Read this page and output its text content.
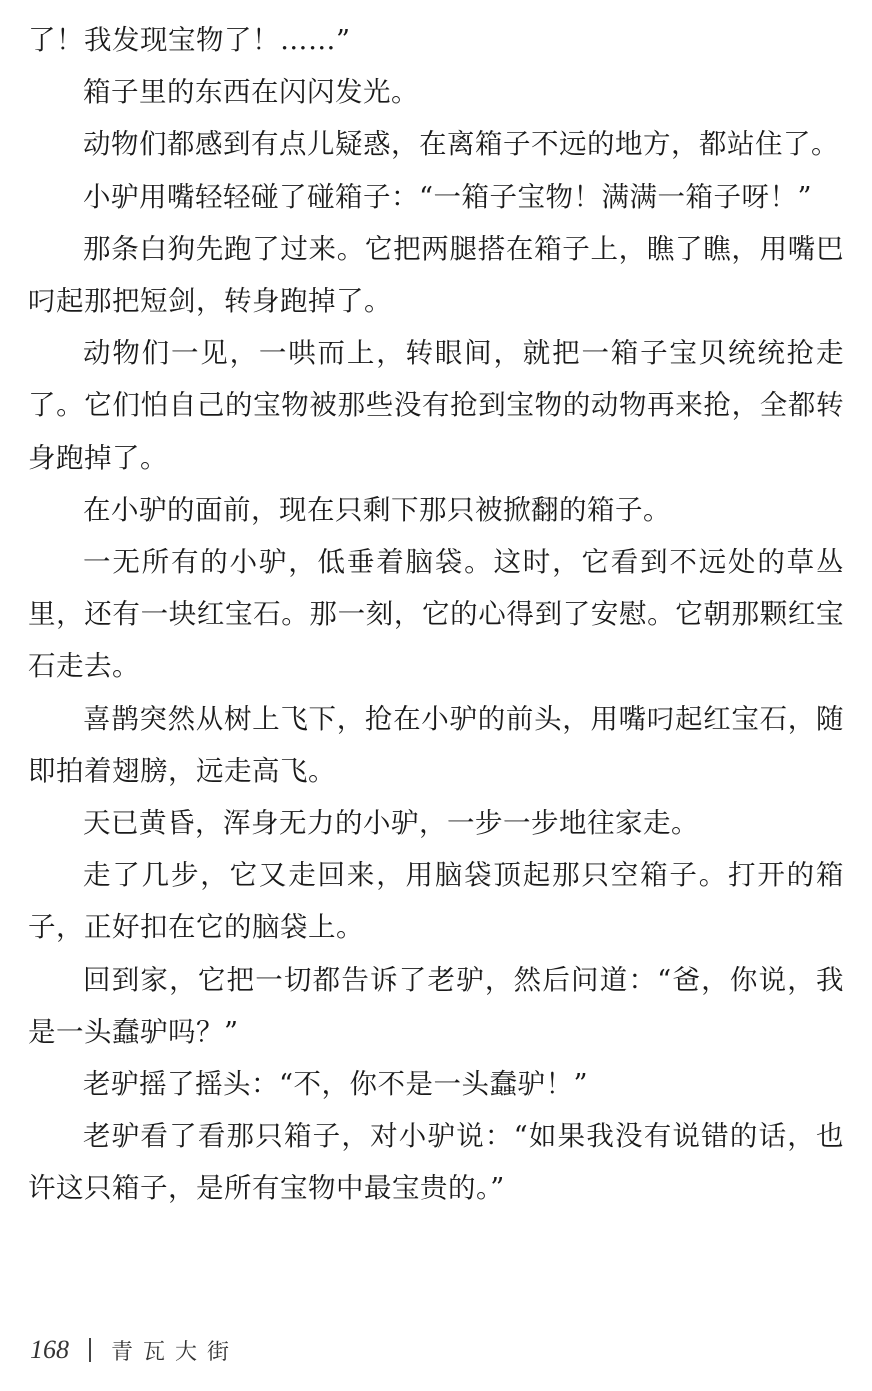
了！我发现宝物了！……”

箱子里的东西在闪闪发光。

动物们都感到有点儿疑惑，在离箱子不远的地方，都站住了。

小驴用嘴轻轻碰了碰箱子：“一箱子宝物！满满一箱子呀！”

那条白狗先跑了过来。它把两腿搭在箱子上，瞧了瞧，用嘴巴叼起那把短剑，转身跑掉了。

动物们一见，一哄而上，转眼间，就把一箱子宝贝统统抢走了。它们怕自己的宝物被那些没有抢到宝物的动物再来抢，全都转身跑掉了。

在小驴的面前，现在只剩下那只被掀翻的箱子。

一无所有的小驴，低垂着脑袋。这时，它看到不远处的草丛里，还有一块红宝石。那一刻，它的心得到了安慰。它朝那颗红宝石走去。

喜鹊突然从树上飞下，抢在小驴的前头，用嘴叼起红宝石，随即拍着翅膀，远走高飞。

天已黄昏，浑身无力的小驴，一步一步地往家走。

走了几步，它又走回来，用脑袋顶起那只空箱子。打开的箱子，正好扣在它的脑袋上。

回到家，它把一切都告诉了老驴，然后问道：“爸，你说，我是一头蠢驴吗？”

老驴摇了摇头：“不，你不是一头蠢驴！”

老驴看了看那只箱子，对小驴说：“如果我没有说错的话，也许这只箱子，是所有宝物中最宝贵的。”

168 青瓦大街
